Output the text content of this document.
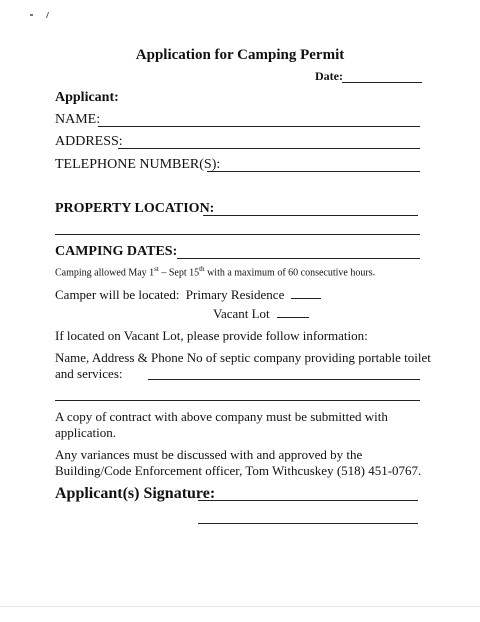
Application for Camping Permit
Date:
Applicant:
NAME:
ADDRESS:
TELEPHONE NUMBER(S):
PROPERTY LOCATION:
CAMPING DATES:
Camping allowed May 1st – Sept 15th with a maximum of 60 consecutive hours.
Camper will be located: Primary Residence
Vacant Lot
If located on Vacant Lot, please provide follow information:
Name, Address & Phone No of septic company providing portable toilet
and services:
A copy of contract with above company must be submitted with
application.
Any variances must be discussed with and approved by the
Building/Code Enforcement officer, Tom Withcuskey (518) 451-0767.
Applicant(s) Signature:
